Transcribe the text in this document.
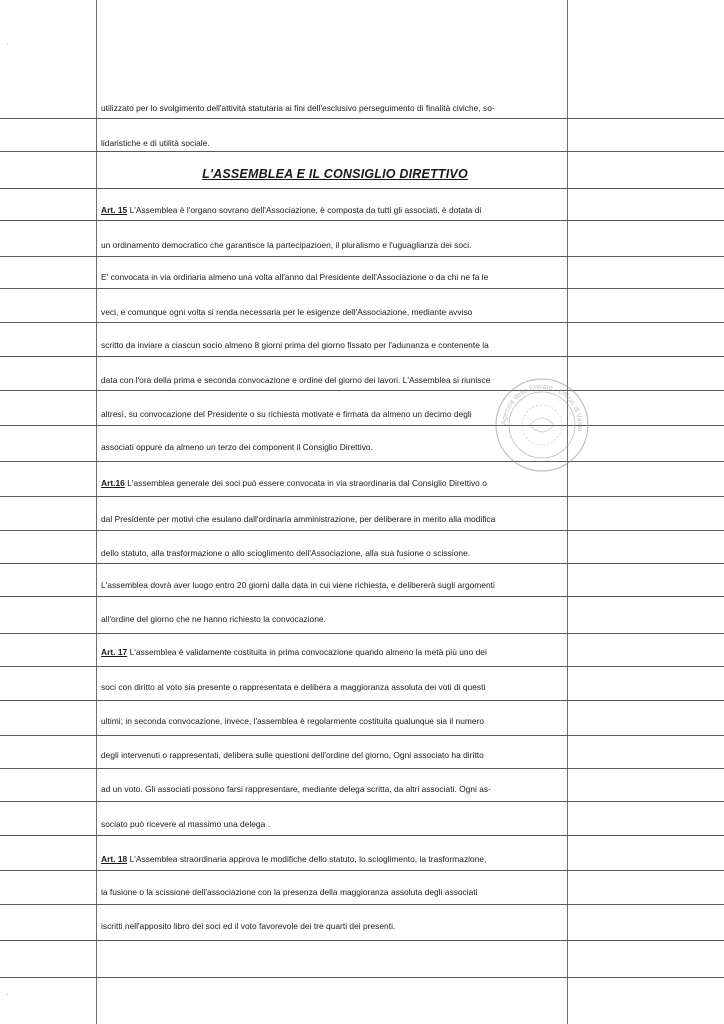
L'ASSEMBLEA E IL CONSIGLIO DIRETTIVO
utilizzato per lo svolgimento dell'attività statutaria ai fini dell'esclusivo perseguimento di finalità civiche, so-
lidaristiche e di utilità sociale.
Art. 15 L'Assemblea è l'organo sovrano dell'Associazione, è composta da tutti gli associati, è dotata di
un ordinamento democratico che garantisce la partecipazioen, il pluralismo e l'uguaglianza dei soci.
E' convocata in via ordinaria almeno una volta all'anno dal Presidente dell'Associazione o da chi ne fa le
veci, e comunque ogni volta si renda necessaria per le esigenze dell'Associazione, mediante avviso
scritto da inviare a ciascun socio almeno 8 giorni prima del giorno fissato per l'adunanza e contenente la
data con l'ora della prima e seconda convocazione e ordine del giorno dei lavori. L'Assemblea si riunisce
altresì, su convocazione del Presidente o su richiesta motivate e firmata da almeno un decimo degli
associati oppure da almeno un terzo dei component il Consiglio Direttivo.
Art.16 L'assemblea generale dei soci può essere convocata in via straordinaria dal Consiglio Direttivo o
dal Presidente per motivi che esulano dall'ordinaria amministrazione, per deliberare in merito alla modifica
dello statuto, alla trasformazione o allo scioglimento dell'Associazione, alla sua fusione o scissione.
L'assemblea dovrà aver luogo entro 20 giorni dalla data in cui viene richiesta, e delibererà sugli argomenti
all'ordine del giorno che ne hanno richiesto la convocazione.
Art. 17 L'assemblea è validamente costituita in prima convocazione quando almeno la metà più uno dei
soci con diritto al voto sia presente o rappresentata e delibera a maggioranza assoluta dei voti di questi
ultimi; in seconda convocazione, invece, l'assemblea è regolarmente costituita qualunque sia il numero
degli intervenuti o rappresentati, delibera sulle questioni dell'ordine del giorno, Ogni associato ha diritto
ad un voto. Gli associati possono farsi rappresentare, mediante delega scritta, da altri associati. Ogni as-
sociato può ricevere al massimo una delega .
Art. 18 L'Assemblea straordinaria approva le modifiche dello statuto, lo scioglimento, la trasformazione,
la fusione o la scissione dell'associazione con la presenza della maggioranza assoluta degli associati
iscritti nell'apposito libro dei soci ed il voto favorevole dei tre quarti dei presenti.
Agenzia delle Entrate · Ufficio di Vasto
·
·
